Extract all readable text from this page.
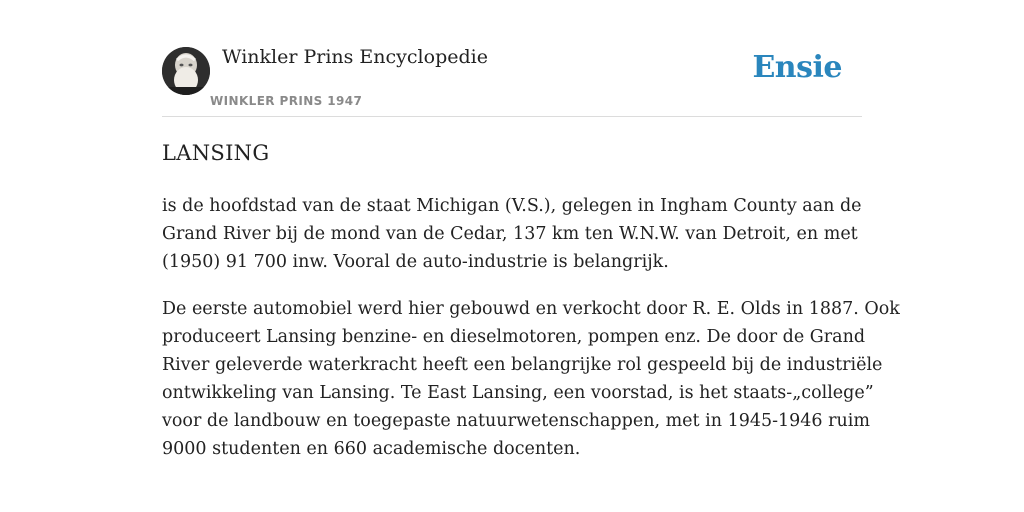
Winkler Prins Encyclopedie
WINKLER PRINS 1947
Ensie
LANSING

is de hoofdstad van de staat Michigan (V.S.), gelegen in Ingham County aan de
Grand River bij de mond van de Cedar, 137 km ten W.N.W. van Detroit, en met
(1950) 91 700 inw. Vooral de auto-industrie is belangrijk.

De eerste automobiel werd hier gebouwd en verkocht door R. E. Olds in 1887. Ook
produceert Lansing benzine- en dieselmotoren, pompen enz. De door de Grand
River geleverde waterkracht heeft een belangrijke rol gespeeld bij de industriële
ontwikkeling van Lansing. Te East Lansing, een voorstad, is het staats-„college”
voor de landbouw en toegepaste natuurwetenschappen, met in 1945-1946 ruim
9000 studenten en 660 academische docenten.
